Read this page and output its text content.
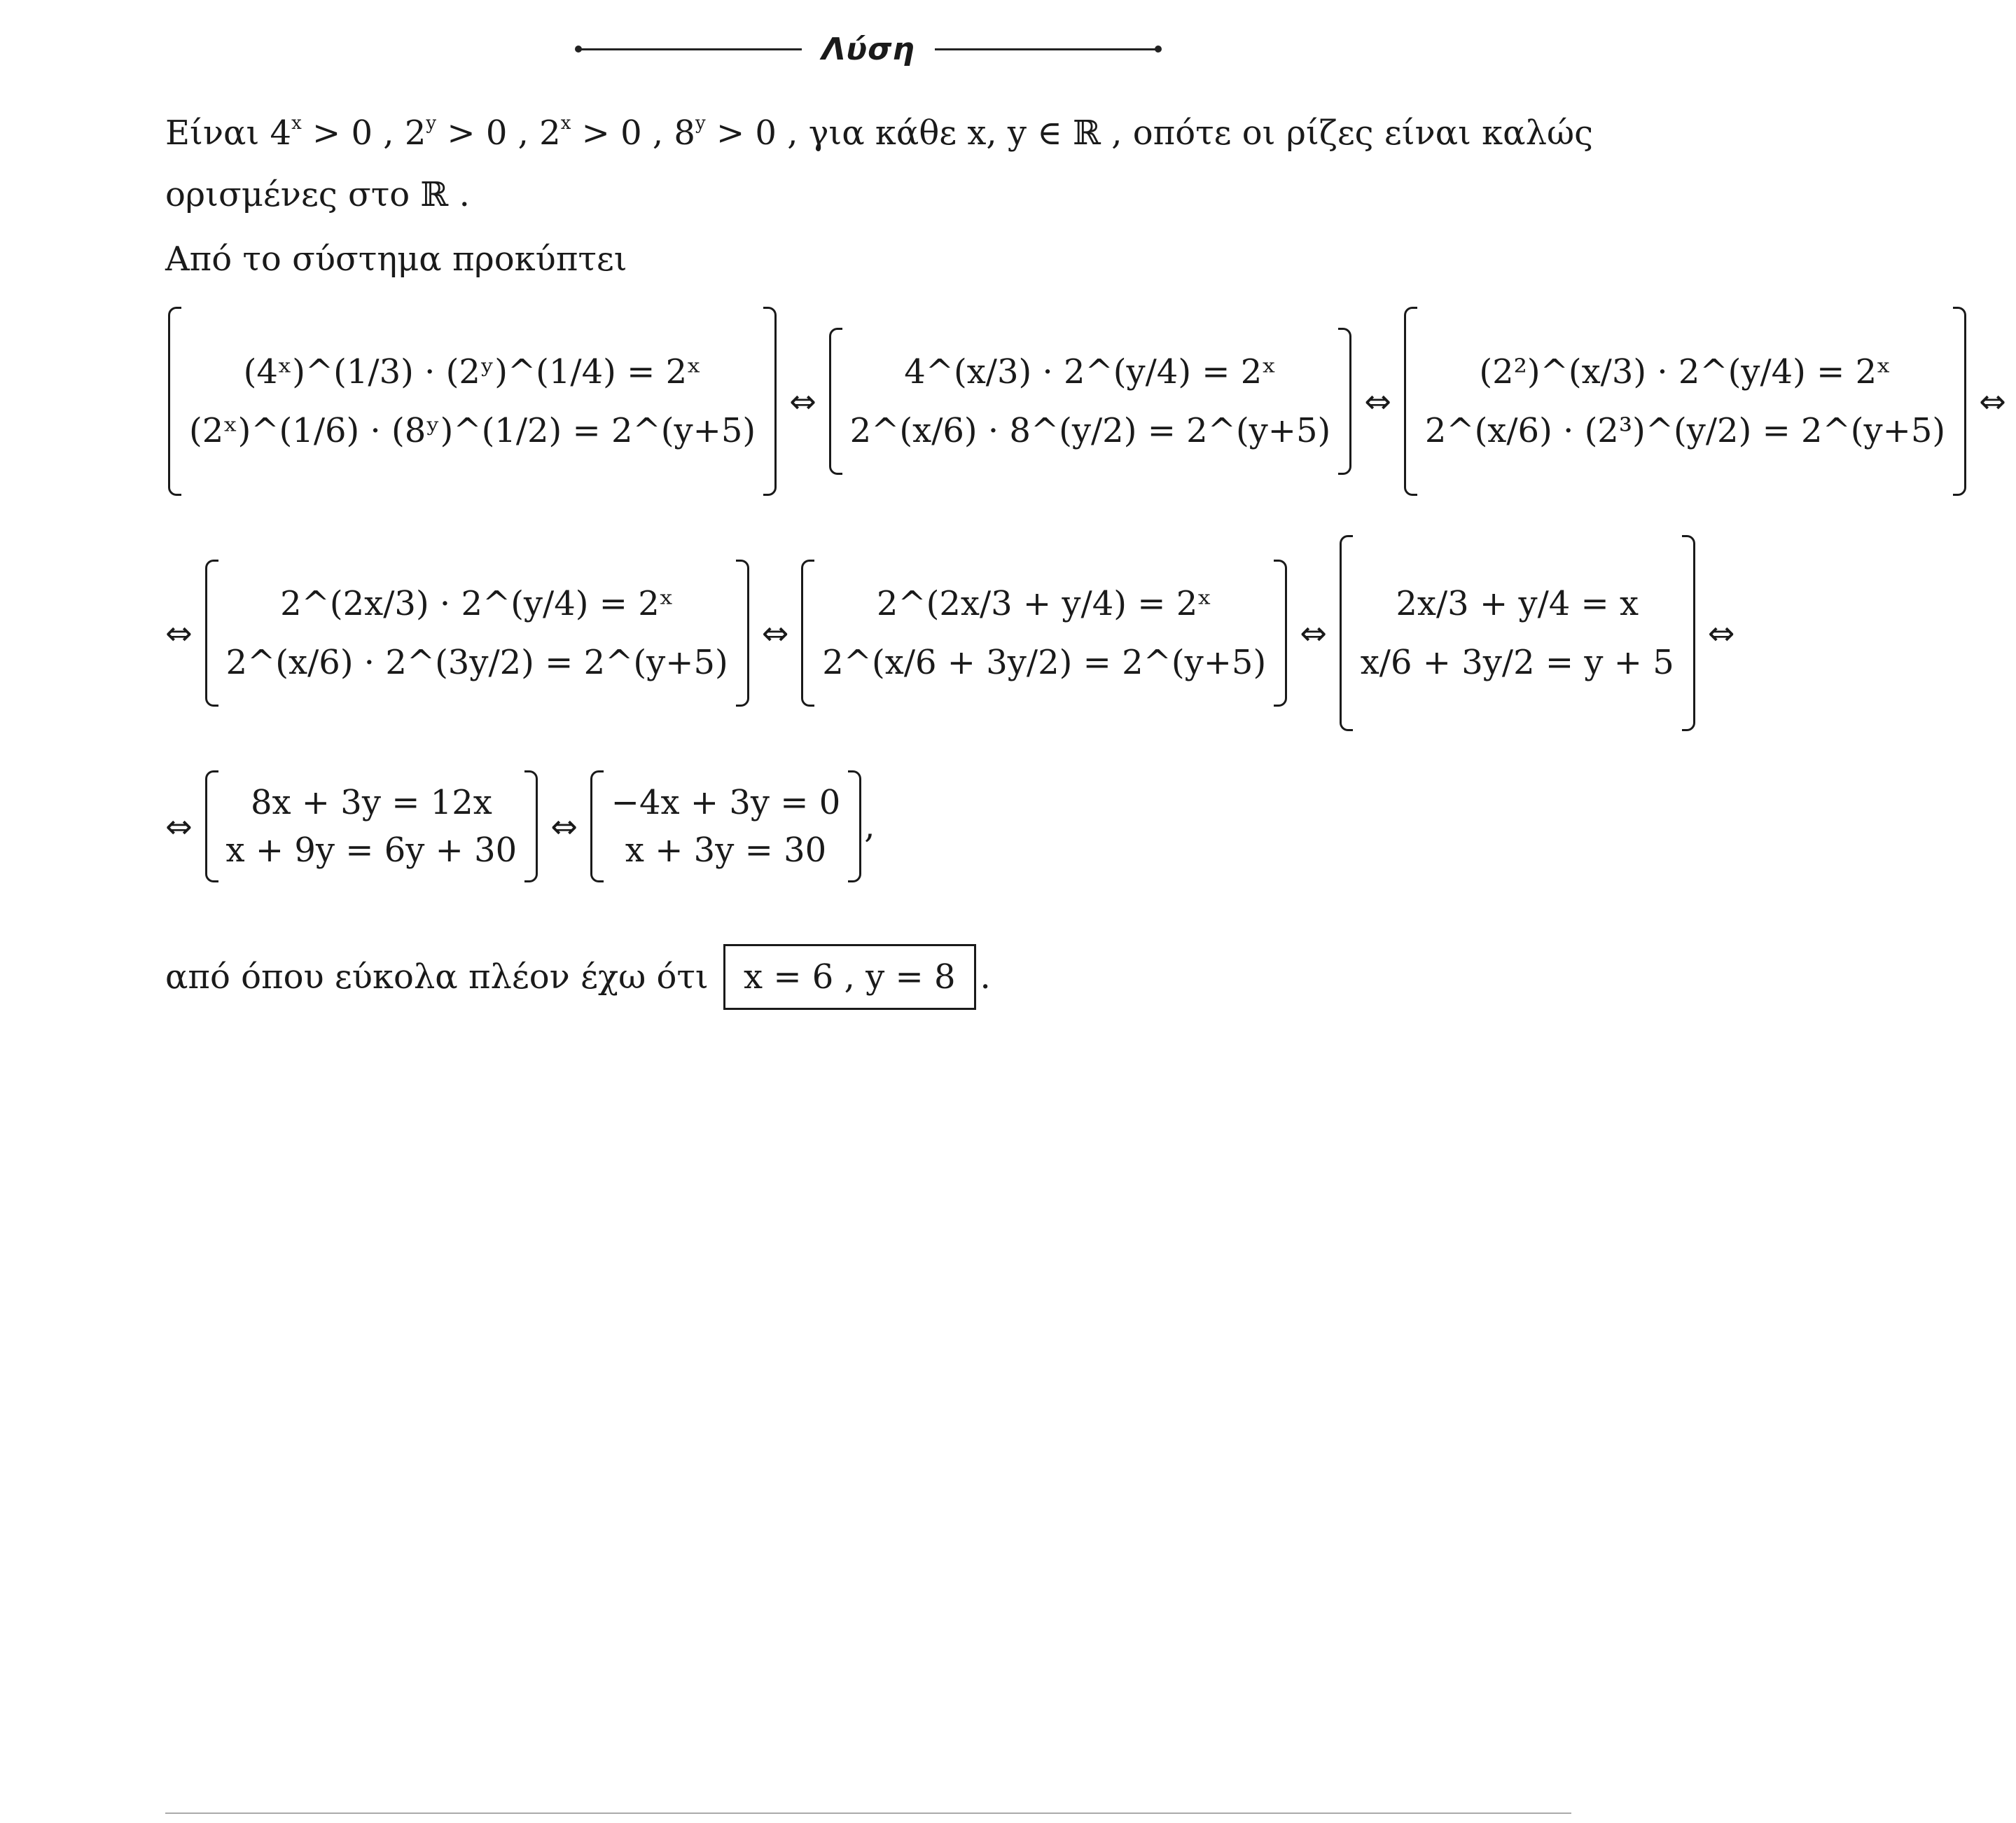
Λύση
Είναι $4^x > 0$ , $2^y > 0$ , $2^x > 0$ , $8^y > 0$ , για κάθε x, y ∈ ℝ , οπότε οι ρίζες είναι καλώς
ορισμένες στο ℝ .
Από το σύστημα προκύπτει
(4ˣ)^(1/3) · (2ʸ)^(1/4) = 2ˣ
(2ˣ)^(1/6) · (8ʸ)^(1/2) = 2^(y+5)
⇔
4^(x/3) · 2^(y/4) = 2ˣ
2^(x/6) · 8^(y/2) = 2^(y+5)
⇔
(2²)^(x/3) · 2^(y/4) = 2ˣ
2^(x/6) · (2³)^(y/2) = 2^(y+5)
⇔
⇔
2^(2x/3) · 2^(y/4) = 2ˣ
2^(x/6) · 2^(3y/2) = 2^(y+5)
⇔
2^(2x/3 + y/4) = 2ˣ
2^(x/6 + 3y/2) = 2^(y+5)
⇔
2x/3 + y/4 = x
x/6 + 3y/2 = y + 5
⇔
⇔
8x + 3y = 12x
x + 9y = 6y + 30
⇔
−4x + 3y = 0
x + 3y = 30
,
από όπου εύκολα πλέον έχω ότι x = 6 , y = 8 .
